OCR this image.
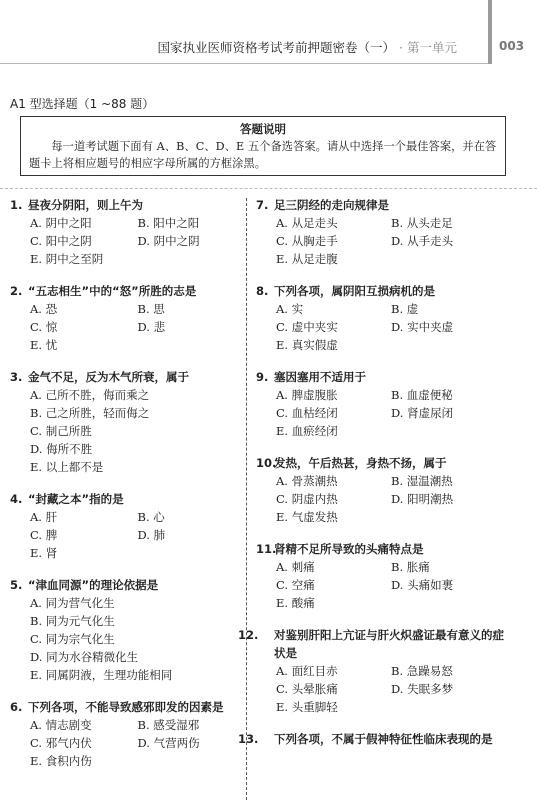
国家执业医师资格考试考前押题密卷（一） · 第一单元	003
A1 型选择题（1 ~88 题）
答题说明
每一道考试题下面有 A、B、C、D、E 五个备选答案。请从中选择一个最佳答案，并在答题卡上将相应题号的相应字母所属的方框涂黑。
1. 昼夜分阴阳，则上午为
A. 阴中之阳	B. 阳中之阳
C. 阳中之阴	D. 阴中之阴
E. 阴中之至阴
2. “五志相生”中的“怒”所胜的志是
A. 恐	B. 思
C. 惊	D. 悲
E. 忧
3. 金气不足，反为木气所衰，属于
A. 己所不胜，侮而乘之
B. 己之所胜，轻而侮之
C. 制己所胜
D. 侮所不胜
E. 以上都不是
4. “封藏之本”指的是
A. 肝	B. 心
C. 脾	D. 肺
E. 肾
5. “津血同源”的理论依据是
A. 同为营气化生
B. 同为元气化生
C. 同为宗气化生
D. 同为水谷精微化生
E. 同属阴液，生理功能相同
6. 下列各项，不能导致感邪即发的因素是
A. 情志剧变	B. 感受湿邪
C. 邪气内伏	D. 气营两伤
E. 食积内伤
7. 足三阴经的走向规律是
A. 从足走头	B. 从头走足
C. 从胸走手	D. 从手走头
E. 从足走腹
8. 下列各项，属阴阳互损病机的是
A. 实	B. 虚
C. 虚中夹实	D. 实中夹虚
E. 真实假虚
9. 塞因塞用不适用于
A. 脾虚腹胀	B. 血虚便秘
C. 血枯经闭	D. 肾虚尿闭
E. 血瘀经闭
10.发热，午后热甚，身热不扬，属于
A. 骨蒸潮热	B. 湿温潮热
C. 阴虚内热	D. 阳明潮热
E. 气虚发热
11.肾精不足所导致的头痛特点是
A. 刺痛	B. 胀痛
C. 空痛	D. 头痛如裹
E. 酸痛
12. 对鉴别肝阳上亢证与肝火炽盛证最有意义的症状是
A. 面红目赤	B. 急躁易怒
C. 头晕胀痛	D. 失眠多梦
E. 头重脚轻
13. 下列各项，不属于假神特征性临床表现的是
